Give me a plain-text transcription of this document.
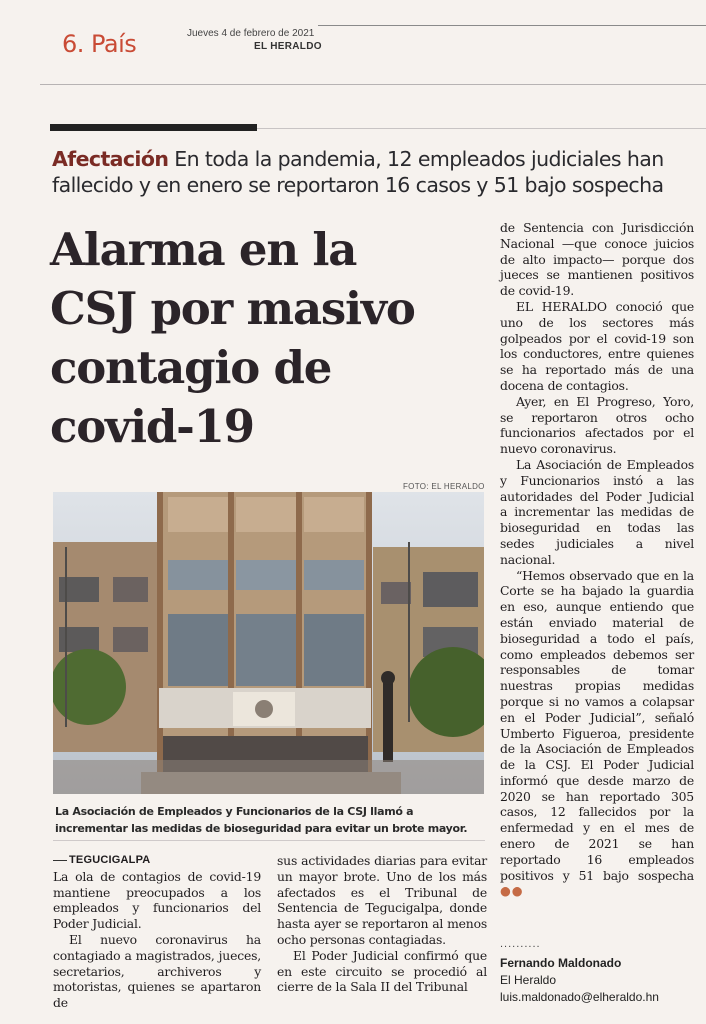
6. País	Jueves 4 de febrero de 2021
EL HERALDO
Afectación En toda la pandemia, 12 empleados judiciales han fallecido y en enero se reportaron 16 casos y 51 bajo sospecha
Alarma en la
CSJ por masivo
contagio de
covid-19
FOTO: EL HERALDO
La Asociación de Empleados y Funcionarios de la CSJ llamó a incrementar las medidas de bioseguridad para evitar un brote mayor.
TEGUCIGALPA

La ola de contagios de covid-19 mantiene preocupados a los empleados y funcionarios del Poder Judicial.

El nuevo coronavirus ha contagiado a magistrados, jueces, secretarios, archiveros y motoristas, quienes se apartaron de

sus actividades diarias para evitar un mayor brote. Uno de los más afectados es el Tribunal de Sentencia de Tegucigalpa, donde hasta ayer se reportaron al menos ocho personas contagiadas.

El Poder Judicial confirmó que en este circuito se procedió al cierre de la Sala II del Tribunal

de Sentencia con Jurisdicción Nacional —que conoce juicios de alto impacto— porque dos jueces se mantienen positivos de covid-19.

EL HERALDO conoció que uno de los sectores más golpeados por el covid-19 son los conductores, entre quienes se ha reportado más de una docena de contagios.

Ayer, en El Progreso, Yoro, se reportaron otros ocho funcionarios afectados por el nuevo coronavirus.

La Asociación de Empleados y Funcionarios instó a las autoridades del Poder Judicial a incrementar las medidas de bioseguridad en todas las sedes judiciales a nivel nacional.

“Hemos observado que en la Corte se ha bajado la guardia en eso, aunque entiendo que están enviado material de bioseguridad a todo el país, como empleados debemos ser responsables de tomar nuestras propias medidas porque si no vamos a colapsar en el Poder Judicial”, señaló Umberto Figueroa, presidente de la Asociación de Empleados de la CSJ. El Poder Judicial informó que desde marzo de 2020 se han reportado 305 casos, 12 fallecidos por la enfermedad y en el mes de enero de 2021 se han reportado 16 empleados positivos y 51 bajo sospecha ●●

..........
Fernando Maldonado
El Heraldo
luis.maldonado@elheraldo.hn
